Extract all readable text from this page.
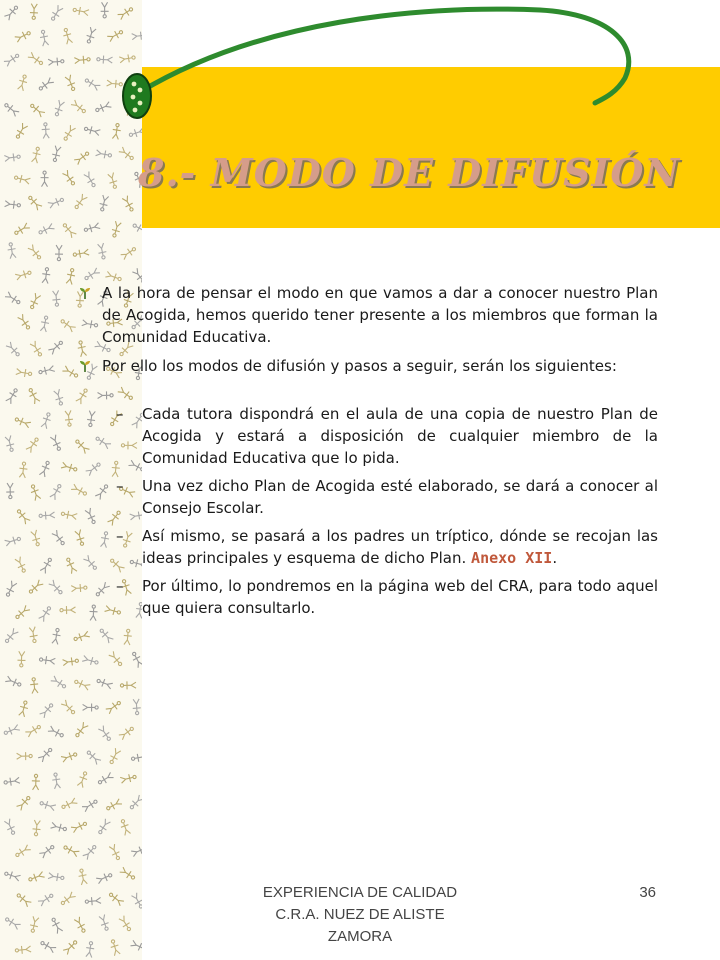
8.- MODO DE DIFUSIÓN

A la hora de pensar el modo en que vamos a dar a conocer nuestro Plan de Acogida, hemos querido tener presente a los miembros que forman la Comunidad Educativa.

Por ello los modos de difusión y pasos a seguir, serán los siguientes:

– Cada tutora dispondrá en el aula de una copia de nuestro Plan de Acogida y estará a disposición de cualquier miembro de la Comunidad Educativa que lo pida.
– Una vez dicho Plan de Acogida esté elaborado, se dará a conocer al Consejo Escolar.
– Así mismo, se pasará a los padres un tríptico, dónde se recojan las ideas principales y esquema de dicho Plan. Anexo XII.
– Por último, lo pondremos en la página web del CRA, para todo aquel que quiera consultarlo.
EXPERIENCIA DE CALIDAD
C.R.A. NUEZ DE ALISTE
ZAMORA
36
